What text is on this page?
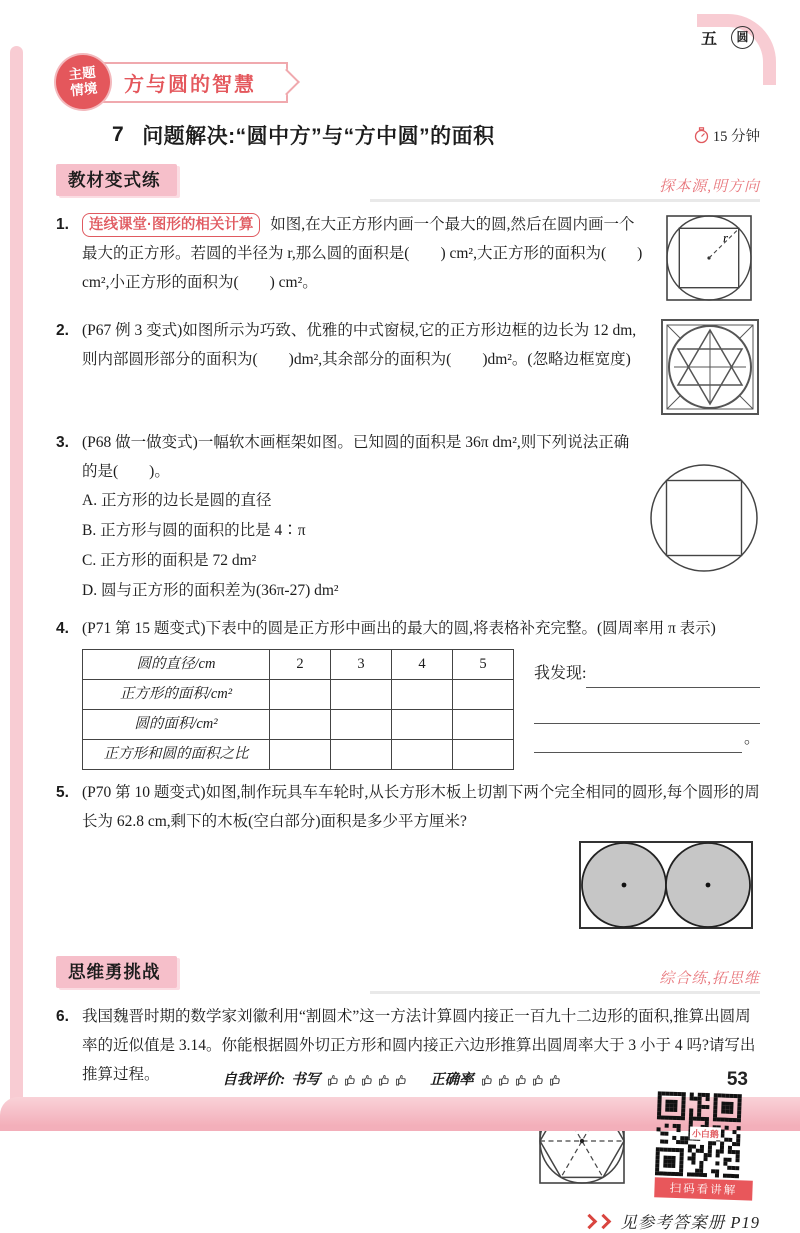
五	圆
主题
情境	方与圆的智慧
7 问题解决:“圆中方”与“方中圆”的面积	15 分钟
教材变式练	探本源,明方向
1.
r
连线课堂·图形的相关计算 如图,在大正方形内画一个最大的圆,然后在圆内画一个最大的正方形。若圆的半径为 r,那么圆的面积是(　　) cm²,大正方形的面积为(　　) cm²,小正方形的面积为(　　) cm²。
2. (P67 例 3 变式)如图所示为巧致、优雅的中式窗棂,它的正方形边框的边长为 12 dm,则内部圆形部分的面积为(　　)dm²,其余部分的面积为(　　)dm²。(忽略边框宽度)
3. (P68 做一做变式)一幅软木画框架如图。已知圆的面积是 36π dm²,则下列说法正确的是(　　)。
A. 正方形的边长是圆的直径
B. 正方形与圆的面积的比是 4∶π
C. 正方形的面积是 72 dm²
D. 圆与正方形的面积差为(36π-27) dm²
4. (P71 第 15 题变式)下表中的圆是正方形中画出的最大的圆,将表格补充完整。(圆周率用 π 表示)
圆的直径/cm	2	3	4	5
正方形的面积/cm²				
圆的面积/cm²				
正方形和圆的面积之比				
我发现:
。
5. (P70 第 10 题变式)如图,制作玩具车车轮时,从长方形木板上切割下两个完全相同的圆形,每个圆形的周长为 62.8 cm,剩下的木板(空白部分)面积是多少平方厘米?
思维勇挑战	综合练,拓思维
6. 我国魏晋时期的数学家刘徽利用“割圆术”这一方法计算圆内接正一百九十二边形的面积,推算出圆周率的近似值是 3.14。你能根据圆外切正方形和圆内接正六边形推算出圆周率大于 3 小于 4 吗?请写出推算过程。
小白鹅
扫码看讲解
见参考答案册 P19
自我评价: 书写	正确率	53
